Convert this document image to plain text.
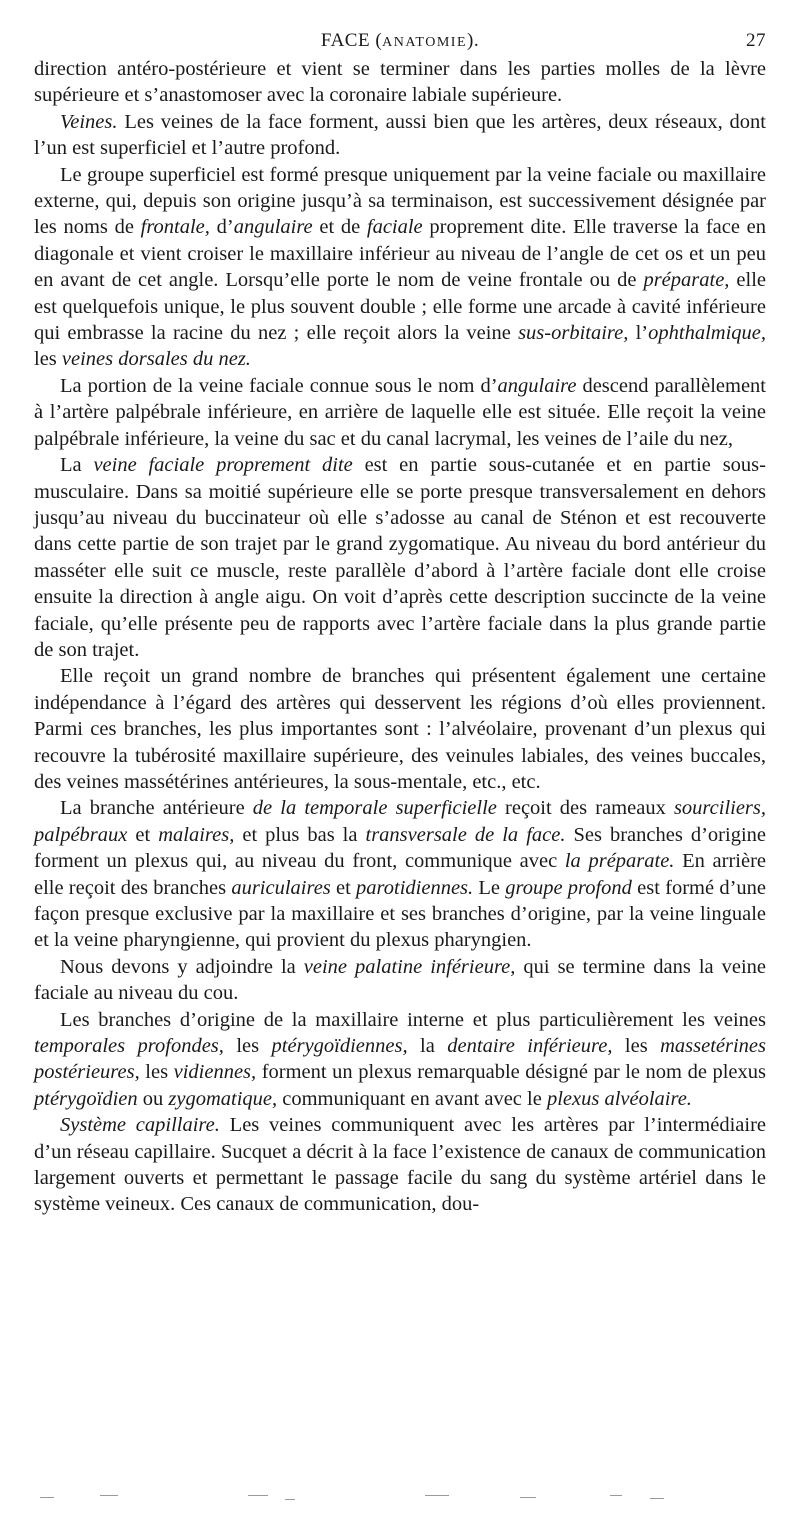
FACE (ANATOMIE).	27

direction antéro-postérieure et vient se terminer dans les parties molles de la lèvre supérieure et s’anastomoser avec la coronaire labiale supérieure.

Veines. Les veines de la face forment, aussi bien que les artères, deux réseaux, dont l’un est superficiel et l’autre profond.

Le groupe superficiel est formé presque uniquement par la veine faciale ou maxillaire externe, qui, depuis son origine jusqu’à sa terminaison, est successivement désignée par les noms de frontale, d’angulaire et de faciale proprement dite. Elle traverse la face en diagonale et vient croiser le maxillaire inférieur au niveau de l’angle de cet os et un peu en avant de cet angle. Lorsqu’elle porte le nom de veine frontale ou de préparate, elle est quelquefois unique, le plus souvent double ; elle forme une arcade à cavité inférieure qui embrasse la racine du nez ; elle reçoit alors la veine sus-orbitaire, l’ophthalmique, les veines dorsales du nez.

La portion de la veine faciale connue sous le nom d’angulaire descend parallèlement à l’artère palpébrale inférieure, en arrière de laquelle elle est située. Elle reçoit la veine palpébrale inférieure, la veine du sac et du canal lacrymal, les veines de l’aile du nez,

La veine faciale proprement dite est en partie sous-cutanée et en partie sous-musculaire. Dans sa moitié supérieure elle se porte presque transversalement en dehors jusqu’au niveau du buccinateur où elle s’adosse au canal de Sténon et est recouverte dans cette partie de son trajet par le grand zygomatique. Au niveau du bord antérieur du masséter elle suit ce muscle, reste parallèle d’abord à l’artère faciale dont elle croise ensuite la direction à angle aigu. On voit d’après cette description succincte de la veine faciale, qu’elle présente peu de rapports avec l’artère faciale dans la plus grande partie de son trajet.

Elle reçoit un grand nombre de branches qui présentent également une certaine indépendance à l’égard des artères qui desservent les régions d’où elles proviennent. Parmi ces branches, les plus importantes sont : l’alvéolaire, provenant d’un plexus qui recouvre la tubérosité maxillaire supérieure, des veinules labiales, des veines buccales, des veines massétérines antérieures, la sous-mentale, etc., etc.

La branche antérieure de la temporale superficielle reçoit des rameaux sourciliers, palpébraux et malaires, et plus bas la transversale de la face. Ses branches d’origine forment un plexus qui, au niveau du front, communique avec la préparate. En arrière elle reçoit des branches auriculaires et parotidiennes. Le groupe profond est formé d’une façon presque exclusive par la maxillaire et ses branches d’origine, par la veine linguale et la veine pharyngienne, qui provient du plexus pharyngien.

Nous devons y adjoindre la veine palatine inférieure, qui se termine dans la veine faciale au niveau du cou.

Les branches d’origine de la maxillaire interne et plus particulièrement les veines temporales profondes, les ptérygoïdiennes, la dentaire inférieure, les massetérines postérieures, les vidiennes, forment un plexus remarquable désigné par le nom de plexus ptérygoïdien ou zygomatique, communiquant en avant avec le plexus alvéolaire.

Système capillaire. Les veines communiquent avec les artères par l’intermédiaire d’un réseau capillaire. Sucquet a décrit à la face l’existence de canaux de communication largement ouverts et permettant le passage facile du sang du système artériel dans le système veineux. Ces canaux de communication, dou-
